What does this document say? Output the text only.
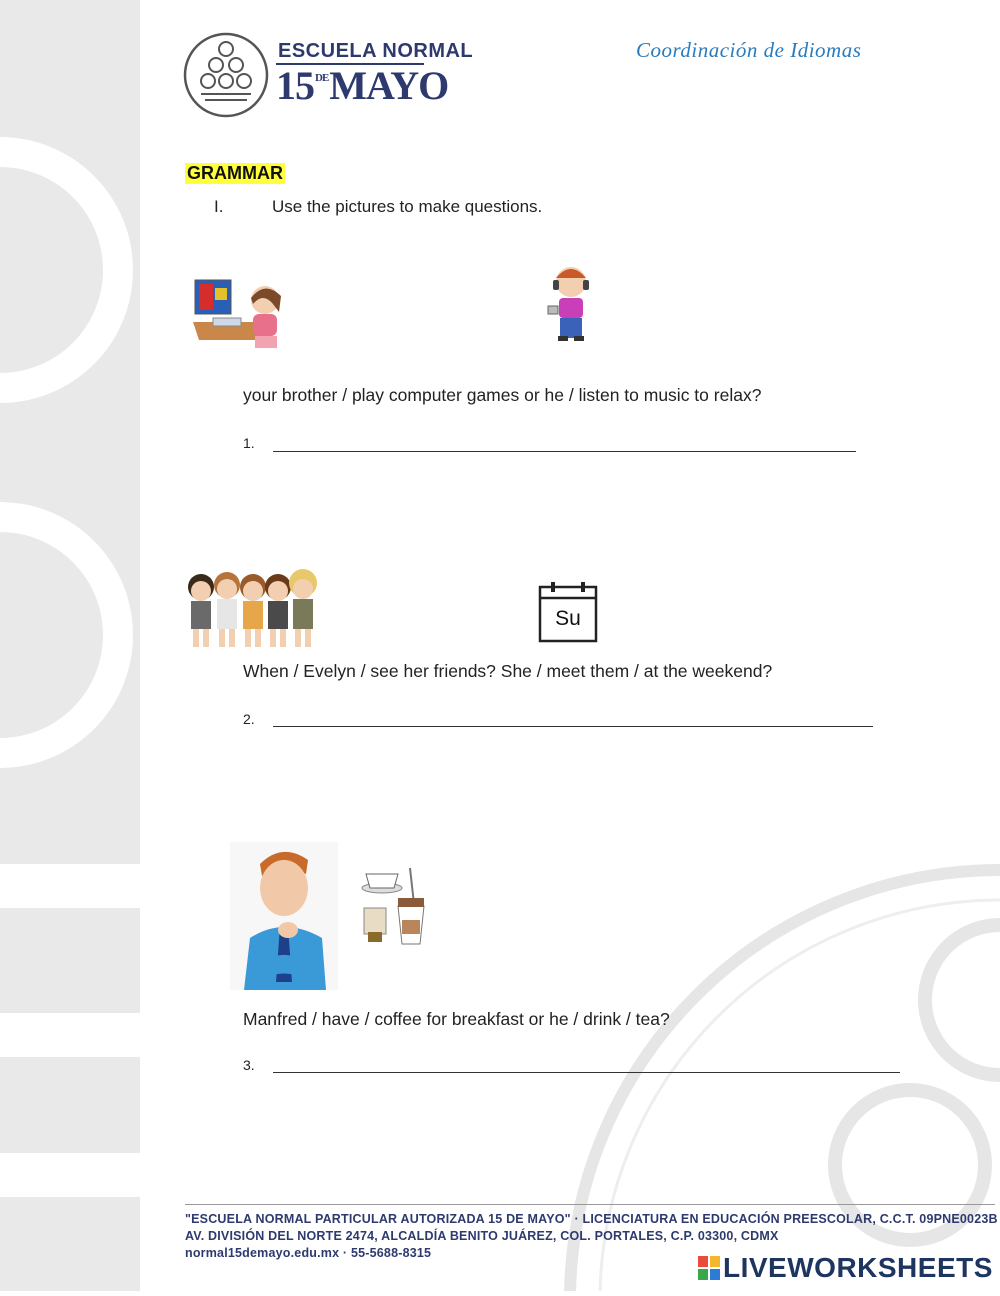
ESCUELA NORMAL
15DEMAYO
Coordinación de Idiomas
GRAMMAR
I.	Use the pictures to make questions.
your brother / play computer games or he / listen to music to relax?
1.
Su
When / Evelyn / see her friends? She / meet them / at the weekend?
2.
Manfred / have / coffee for breakfast or he / drink / tea?
3.
"ESCUELA NORMAL PARTICULAR AUTORIZADA 15 DE MAYO" · LICENCIATURA EN EDUCACIÓN PREESCOLAR, C.C.T. 09PNE0023B
AV. DIVISIÓN DEL NORTE 2474, ALCALDÍA BENITO JUÁREZ, COL. PORTALES, C.P. 03300, CDMX
normal15demayo.edu.mx · 55-5688-8315	LIVEWORKSHEETS
